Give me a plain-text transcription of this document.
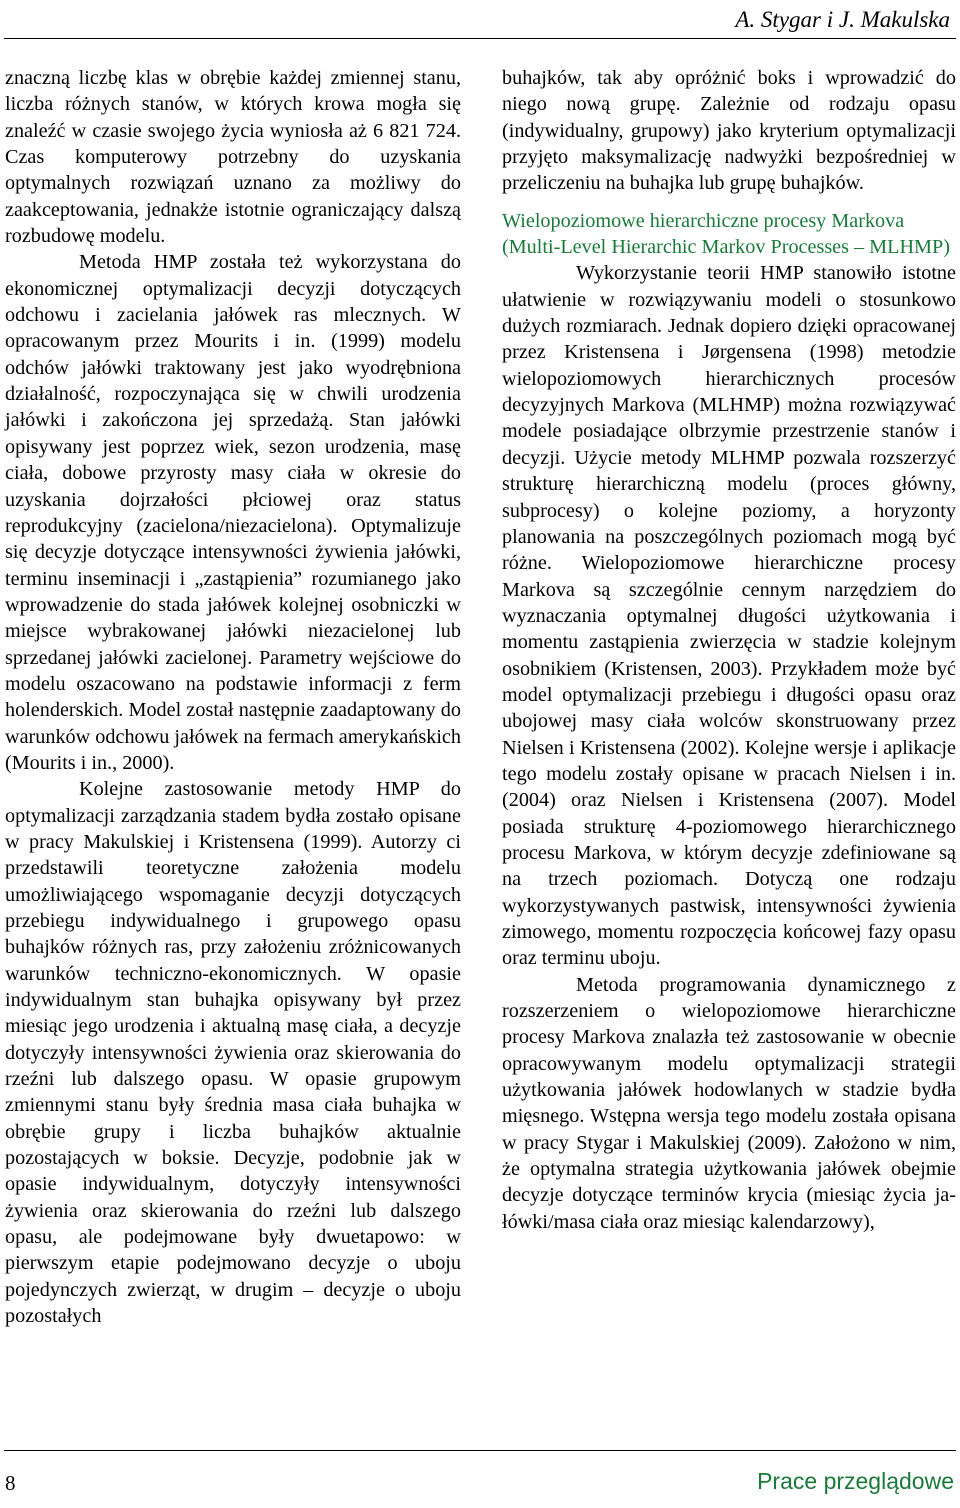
A. Stygar i J. Makulska

znaczną liczbę klas w obrębie każdej zmiennej stanu, liczba różnych stanów, w których krowa mogła się znaleźć w czasie swojego życia wyniosła aż 6 821 724. Czas komputerowy potrzebny do uzyskania optymalnych rozwiązań uznano za możliwy do zaakceptowania, jednakże istotnie ograniczający dalszą rozbudowę modelu.

Metoda HMP została też wykorzystana do ekonomicznej optymalizacji decyzji dotyczących odchowu i zacielania jałówek ras mlecznych. W opracowanym przez Mourits i in. (1999) modelu odchów jałówki traktowany jest jako wyodrębniona działalność, rozpoczynająca się w chwili urodzenia jałówki i zakończona jej sprzedażą. Stan jałówki opisywany jest poprzez wiek, sezon urodzenia, masę ciała, dobowe przyrosty masy ciała w okresie do uzyskania dojrzałości płciowej oraz status reprodukcyjny (zacielona/niezacielona). Optymalizuje się decyzje dotyczące intensywności żywienia jałówki, terminu inseminacji i „zastąpienia” rozumianego jako wprowadzenie do stada jałówek kolejnej osobniczki w miejsce wybrakowanej jałówki niezacielonej lub sprzedanej jałówki zacielonej. Parametry wejściowe do modelu oszacowano na podstawie informacji z ferm holenderskich. Model został następnie zaadaptowany do warunków odchowu jałówek na fermach amerykańskich (Mourits i in., 2000).

Kolejne zastosowanie metody HMP do optymalizacji zarządzania stadem bydła zostało opisane w pracy Makulskiej i Kristensena (1999). Autorzy ci przedstawili teoretyczne założenia modelu umożliwiającego wspomaganie decyzji dotyczących przebiegu indywidualnego i grupowego opasu buhajków różnych ras, przy założeniu zróżnicowanych warunków techniczno-ekonomicznych. W opasie indywidualnym stan buhajka opisywany był przez miesiąc jego urodzenia i aktualną masę ciała, a decyzje dotyczyły intensywności żywienia oraz skierowania do rzeźni lub dalszego opasu. W opasie grupowym zmiennymi stanu były średnia masa ciała buhajka w obrębie grupy i liczba buhajków aktualnie pozostających w boksie. Decyzje, podobnie jak w opasie indywidualnym, dotyczyły intensywności żywienia oraz skierowania do rzeźni lub dalszego opasu, ale podejmowane były dwuetapowo: w pierwszym etapie podejmowano decyzje o uboju pojedynczych zwierząt, w drugim – decyzje o uboju pozostałych

buhajków, tak aby opróżnić boks i wprowadzić do niego nową grupę. Zależnie od rodzaju opasu (indywidualny, grupowy) jako kryterium optymalizacji przyjęto maksymalizację nadwyżki bezpośredniej w przeliczeniu na buhajka lub grupę buhajków.

Wielopoziomowe hierarchiczne procesy Markova
(Multi-Level Hierarchic Markov Processes – MLHMP)

Wykorzystanie teorii HMP stanowiło istotne ułatwienie w rozwiązywaniu modeli o stosunkowo dużych rozmiarach. Jednak dopiero dzięki opracowanej przez Kristensena i Jørgensena (1998) metodzie wielopoziomowych hierarchicznych procesów decyzyjnych Markova (MLHMP) można rozwiązywać modele posiadające olbrzymie przestrzenie stanów i decyzji. Użycie metody MLHMP pozwala rozszerzyć strukturę hierarchiczną modelu (proces główny, subprocesy) o kolejne poziomy, a horyzonty planowania na poszczególnych poziomach mogą być różne. Wielopoziomowe hierarchiczne procesy Markova są szczególnie cennym narzędziem do wyznaczania optymalnej długości użytkowania i momentu zastąpienia zwierzęcia w stadzie kolejnym osobnikiem (Kristensen, 2003). Przykładem może być model optymalizacji przebiegu i długości opasu oraz ubojowej masy ciała wolców skonstruowany przez Nielsen i Kristensena (2002). Kolejne wersje i aplikacje tego modelu zostały opisane w pracach Nielsen i in. (2004) oraz Nielsen i Kristensena (2007). Model posiada strukturę 4-poziomowego hierarchicznego procesu Markova, w którym decyzje zdefiniowane są na trzech poziomach. Dotyczą one rodzaju wykorzystywanych pastwisk, intensywności żywienia zimowego, momentu rozpoczęcia końcowej fazy opasu oraz terminu uboju.

Metoda programowania dynamicznego z rozszerzeniem o wielopoziomowe hierarchiczne procesy Markova znalazła też zastosowanie w obecnie opracowywanym modelu optymalizacji strategii użytkowania jałówek hodowlanych w stadzie bydła mięsnego. Wstępna wersja tego modelu została opisana w pracy Stygar i Makulskiej (2009). Założono w nim, że optymalna strategia użytkowania jałówek obejmie decyzje dotyczące terminów krycia (miesiąc życia jałówki/masa ciała oraz miesiąc kalendarzowy),

8	Prace przeglądowe
